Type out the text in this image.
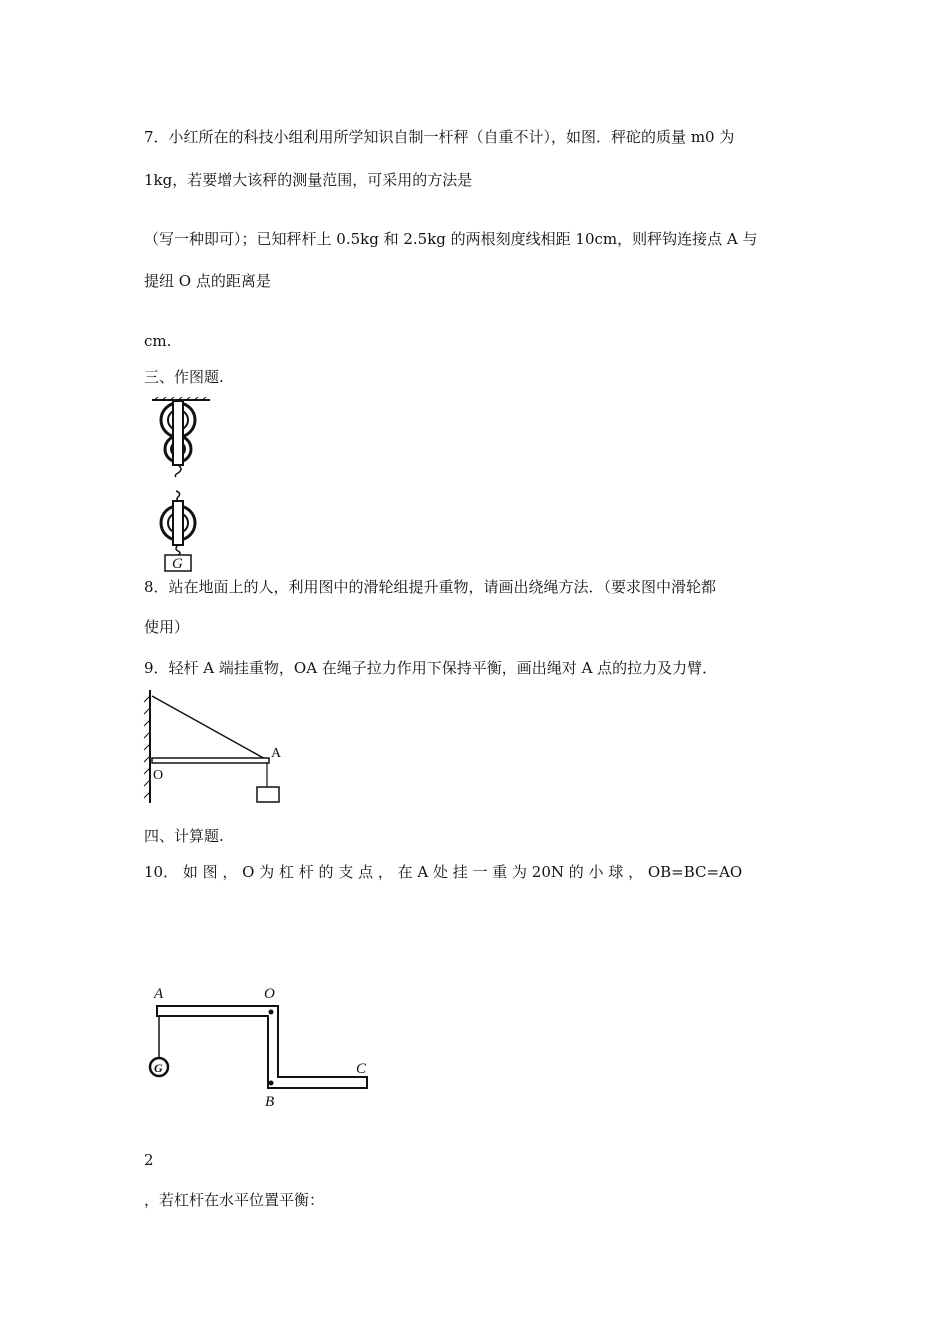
7．小红所在的科技小组利用所学知识自制一杆秤（自重不计），如图．秤砣的质量 m0 为
1kg，若要增大该秤的测量范围，可采用的方法是
（写一种即可）；已知秤杆上 0.5kg 和 2.5kg 的两根刻度线相距 10cm，则秤钩连接点 A 与
提纽 O 点的距离是
cm.
三、作图题.
G
8．站在地面上的人，利用图中的滑轮组提升重物，请画出绕绳方法．（要求图中滑轮都
使用）
9．轻杆 A 端挂重物，OA 在绳子拉力作用下保持平衡，画出绳对 A 点的拉力及力臂．
A
O
四、计算题.
10． 如 图 ， O 为 杠 杆 的 支 点 ， 在 A 处 挂 一 重 为 20N 的 小 球 ， OB=BC=AO
A	O
G	C
B
2
，若杠杆在水平位置平衡：
